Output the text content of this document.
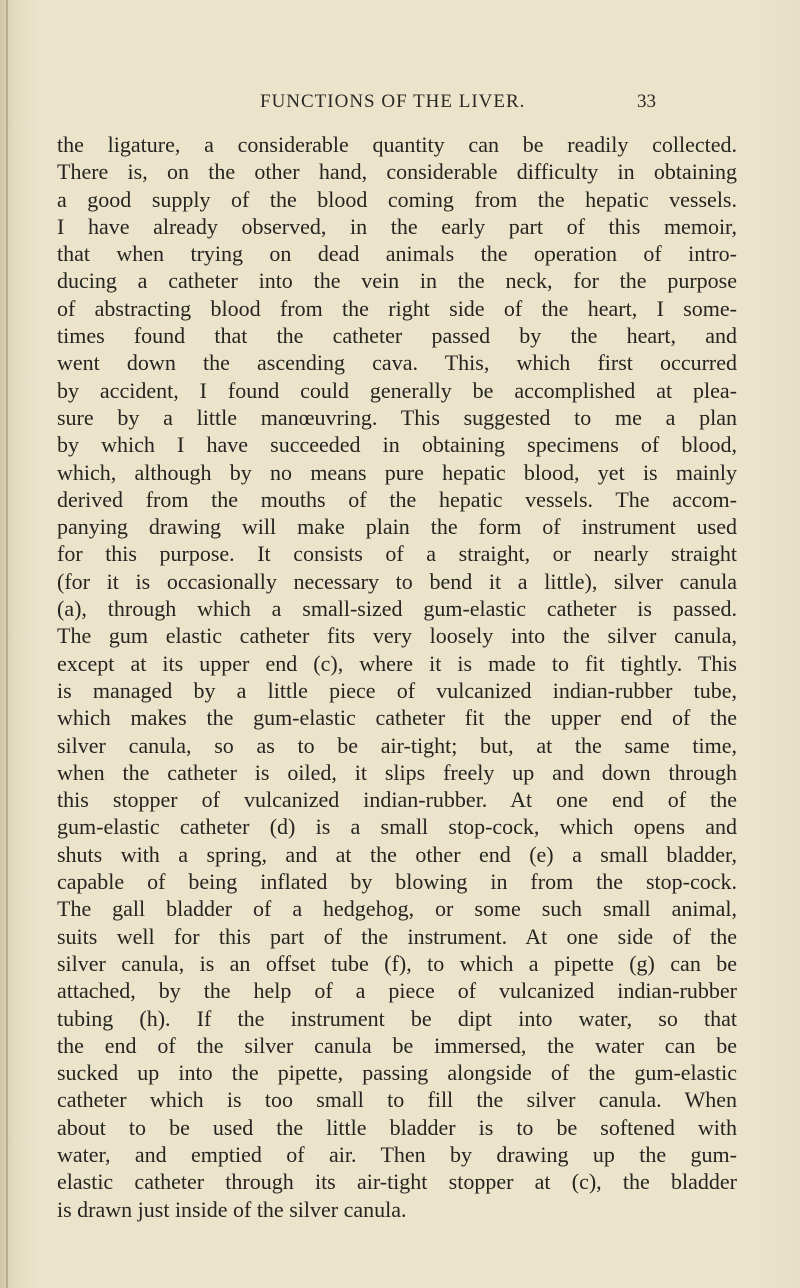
FUNCTIONS OF THE LIVER.	33
the ligature, a considerable quantity can be readily collected.
There is, on the other hand, considerable difficulty in obtaining
a good supply of the blood coming from the hepatic vessels.
I have already observed, in the early part of this memoir,
that when trying on dead animals the operation of intro-
ducing a catheter into the vein in the neck, for the purpose
of abstracting blood from the right side of the heart, I some-
times found that the catheter passed by the heart, and
went down the ascending cava. This, which first occurred
by accident, I found could generally be accomplished at plea-
sure by a little manœuvring. This suggested to me a plan
by which I have succeeded in obtaining specimens of blood,
which, although by no means pure hepatic blood, yet is mainly
derived from the mouths of the hepatic vessels. The accom-
panying drawing will make plain the form of instrument used
for this purpose. It consists of a straight, or nearly straight
(for it is occasionally necessary to bend it a little), silver canula
(a), through which a small-sized gum-elastic catheter is passed.
The gum elastic catheter fits very loosely into the silver canula,
except at its upper end (c), where it is made to fit tightly. This
is managed by a little piece of vulcanized indian-rubber tube,
which makes the gum-elastic catheter fit the upper end of the
silver canula, so as to be air-tight; but, at the same time,
when the catheter is oiled, it slips freely up and down through
this stopper of vulcanized indian-rubber. At one end of the
gum-elastic catheter (d) is a small stop-cock, which opens and
shuts with a spring, and at the other end (e) a small bladder,
capable of being inflated by blowing in from the stop-cock.
The gall bladder of a hedgehog, or some such small animal,
suits well for this part of the instrument. At one side of the
silver canula, is an offset tube (f), to which a pipette (g) can be
attached, by the help of a piece of vulcanized indian-rubber
tubing (h). If the instrument be dipt into water, so that
the end of the silver canula be immersed, the water can be
sucked up into the pipette, passing alongside of the gum-elastic
catheter which is too small to fill the silver canula. When
about to be used the little bladder is to be softened with
water, and emptied of air. Then by drawing up the gum-
elastic catheter through its air-tight stopper at (c), the bladder
is drawn just inside of the silver canula.
